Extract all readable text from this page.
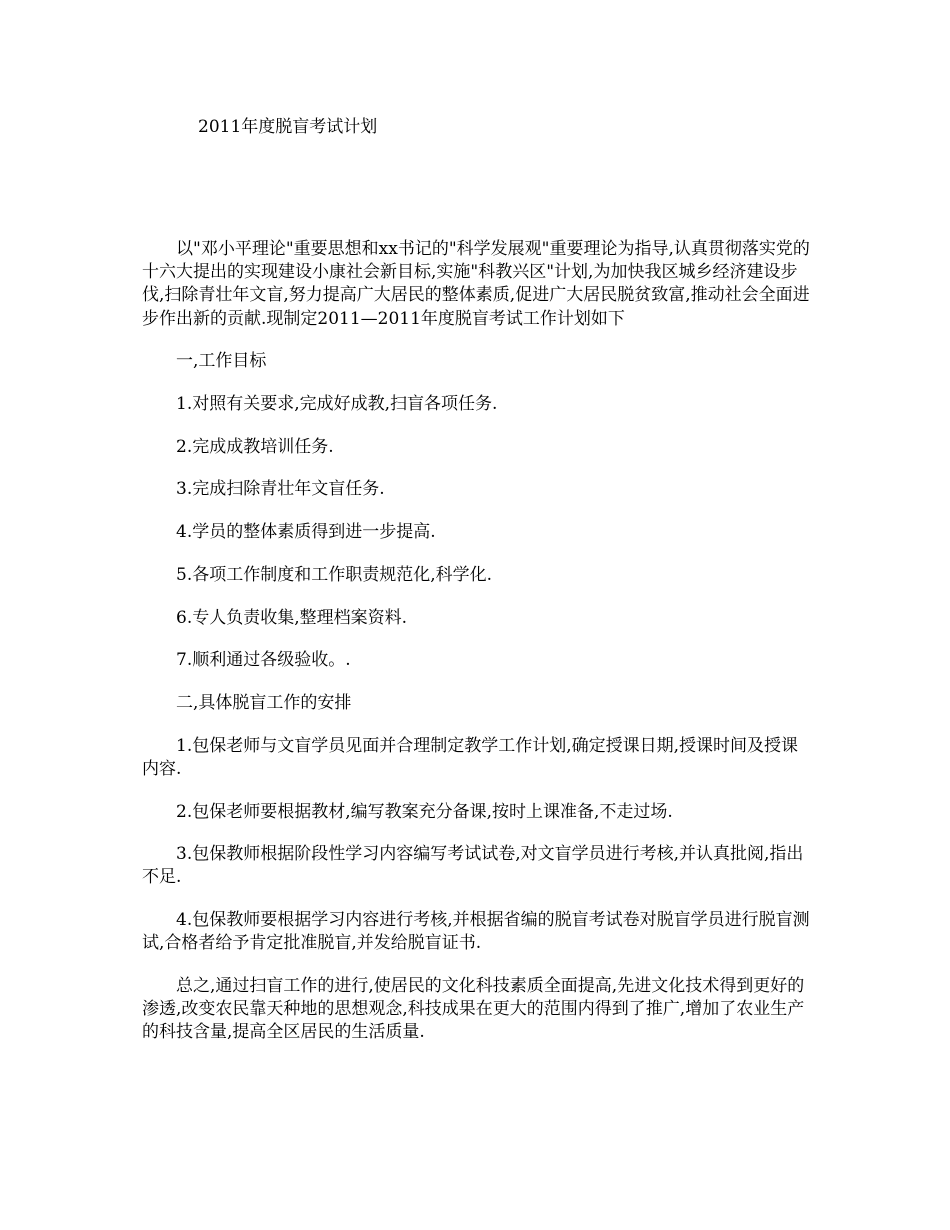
2011年度脱盲考试计划

以"邓小平理论"重要思想和xx书记的"科学发展观"重要理论为指导,认真贯彻落实党的十六大提出的实现建设小康社会新目标,实施"科教兴区"计划,为加快我区城乡经济建设步伐,扫除青壮年文盲,努力提高广大居民的整体素质,促进广大居民脱贫致富,推动社会全面进步作出新的贡献.现制定2011—2011年度脱盲考试工作计划如下

一,工作目标

1.对照有关要求,完成好成教,扫盲各项任务.

2.完成成教培训任务.

3.完成扫除青壮年文盲任务.

4.学员的整体素质得到进一步提高.

5.各项工作制度和工作职责规范化,科学化.

6.专人负责收集,整理档案资料.

7.顺利通过各级验收。.

二,具体脱盲工作的安排

1.包保老师与文盲学员见面并合理制定教学工作计划,确定授课日期,授课时间及授课内容.

2.包保老师要根据教材,编写教案充分备课,按时上课准备,不走过场.

3.包保教师根据阶段性学习内容编写考试试卷,对文盲学员进行考核,并认真批阅,指出不足.

4.包保教师要根据学习内容进行考核,并根据省编的脱盲考试卷对脱盲学员进行脱盲测试,合格者给予肯定批准脱盲,并发给脱盲证书.

总之,通过扫盲工作的进行,使居民的文化科技素质全面提高,先进文化技术得到更好的渗透,改变农民靠天种地的思想观念,科技成果在更大的范围内得到了推广,增加了农业生产的科技含量,提高全区居民的生活质量.
